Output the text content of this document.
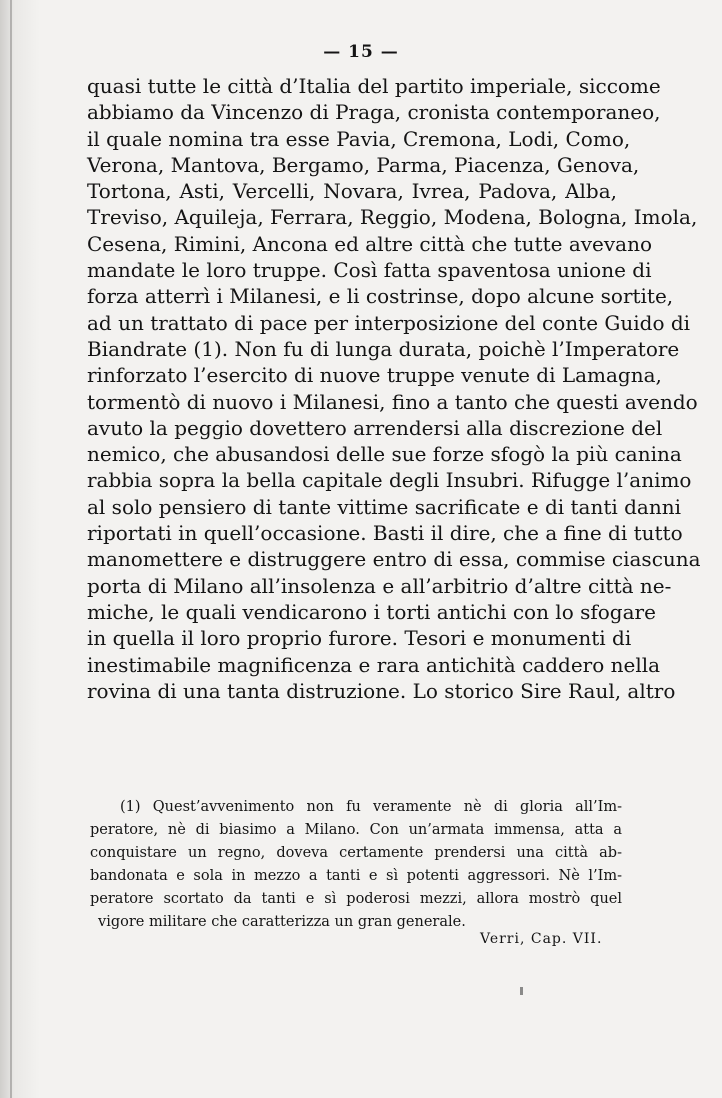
— 15 —
quasi tutte le città d’Italia del partito imperiale, siccome
abbiamo da Vincenzo di Praga, cronista contemporaneo,
il quale nomina tra esse Pavia, Cremona, Lodi, Como,
Verona, Mantova, Bergamo, Parma, Piacenza, Genova,
Tortona, Asti, Vercelli, Novara, Ivrea, Padova, Alba,
Treviso, Aquileja, Ferrara, Reggio, Modena, Bologna, Imola,
Cesena, Rimini, Ancona ed altre città che tutte avevano
mandate le loro truppe. Così fatta spaventosa unione di
forza atterrì i Milanesi, e li costrinse, dopo alcune sortite,
ad un trattato di pace per interposizione del conte Guido di
Biandrate (1). Non fu di lunga durata, poichè l’Imperatore
rinforzato l’esercito di nuove truppe venute di Lamagna,
tormentò di nuovo i Milanesi, fino a tanto che questi avendo
avuto la peggio dovettero arrendersi alla discrezione del
nemico, che abusandosi delle sue forze sfogò la più canina
rabbia sopra la bella capitale degli Insubri. Rifugge l’animo
al solo pensiero di tante vittime sacrificate e di tanti danni
riportati in quell’occasione. Basti il dire, che a fine di tutto
manomettere e distruggere entro di essa, commise ciascuna
porta di Milano all’insolenza e all’arbitrio d’altre città ne-
miche, le quali vendicarono i torti antichi con lo sfogare
in quella il loro proprio furore. Tesori e monumenti di
inestimabile magnificenza e rara antichità caddero nella
rovina di una tanta distruzione. Lo storico Sire Raul, altro
(1) Quest’avvenimento non fu veramente nè di gloria all’Im-
peratore, nè di biasimo a Milano. Con un’armata immensa, atta a
conquistare un regno, doveva certamente prendersi una città ab-
bandonata e sola in mezzo a tanti e sì potenti aggressori. Nè l’Im-
peratore scortato da tanti e sì poderosi mezzi, allora mostrò quel
vigore militare che caratterizza un gran generale.
Verri, Cap. VII.
